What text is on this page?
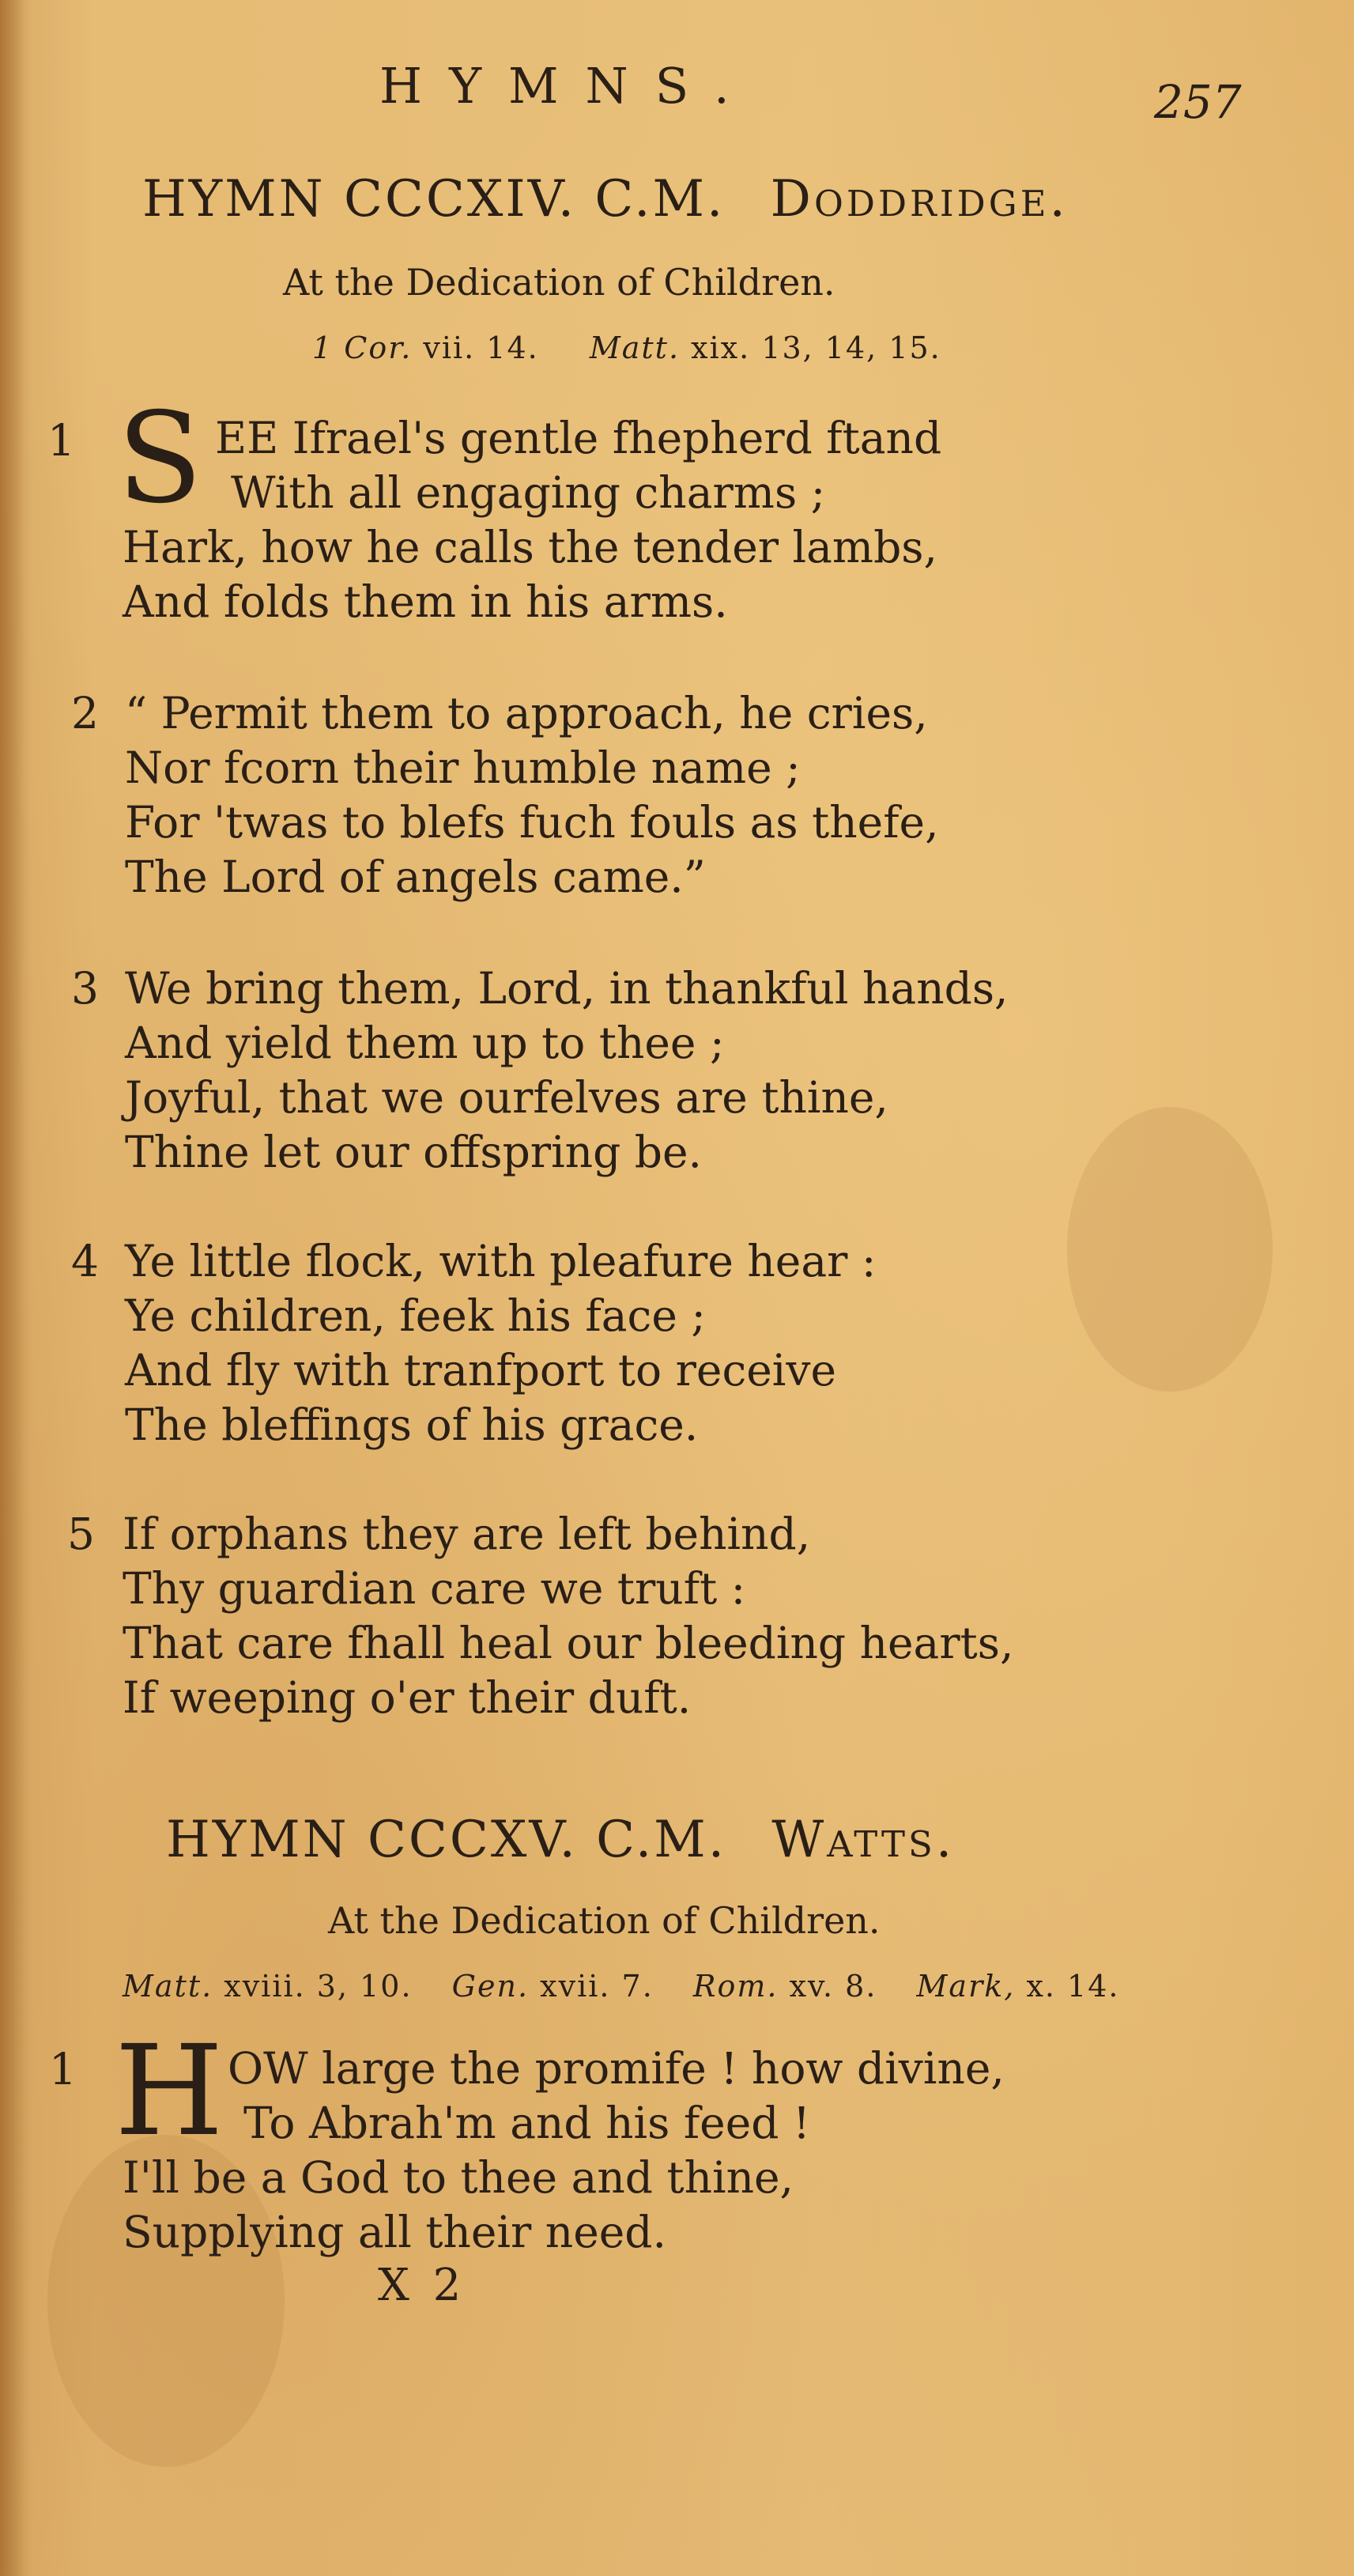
HYMNS.	257
HYMN CCCXIV. C.M. Doddridge.
At the Dedication of Children.
1 Cor. vii. 14. Matt. xix. 13, 14, 15.
1 S EE Ifrael's gentle fhepherd ftand
With all engaging charms ;
Hark, how he calls the tender lambs,
And folds them in his arms.
2 “ Permit them to approach, he cries,
Nor fcorn their humble name ;
For 'twas to blefs fuch fouls as thefe,
The Lord of angels came.”
3 We bring them, Lord, in thankful hands,
And yield them up to thee ;
Joyful, that we ourfelves are thine,
Thine let our offspring be.
4 Ye little flock, with pleafure hear :
Ye children, feek his face ;
And fly with tranfport to receive
The bleffings of his grace.
5 If orphans they are left behind,
Thy guardian care we truft :
That care fhall heal our bleeding hearts,
If weeping o'er their duft.
HYMN CCCXV. C.M. Watts.
At the Dedication of Children.
Matt. xviii. 3, 10. Gen. xvii. 7. Rom. xv. 8. Mark, x. 14.
1 H OW large the promife ! how divine,
To Abrah'm and his feed !
I'll be a God to thee and thine,
Supplying all their need.
X 2
